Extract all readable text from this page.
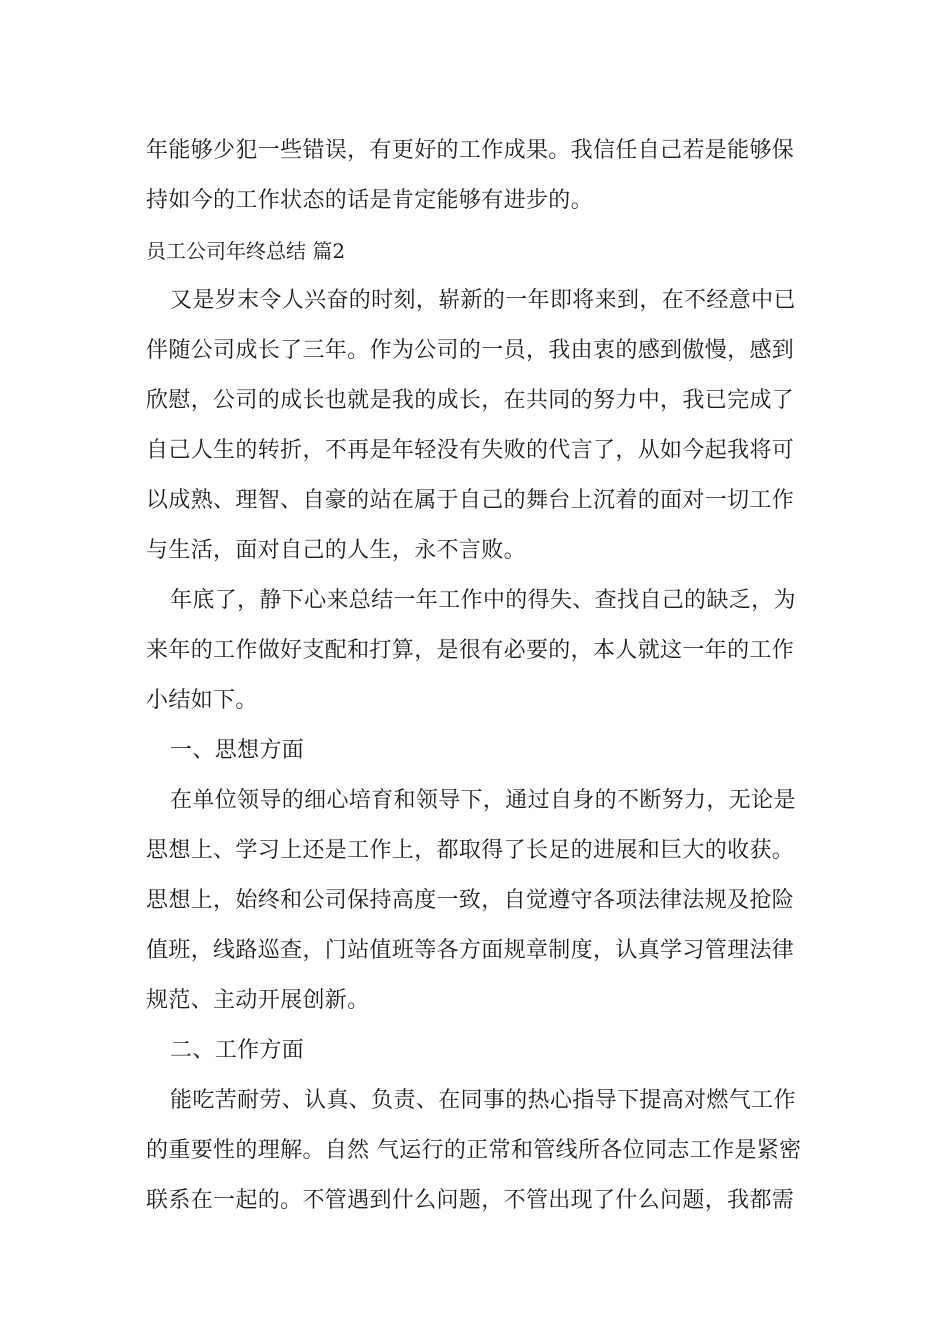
年能够少犯一些错误，有更好的工作成果。我信任自己若是能够保
持如今的工作状态的话是肯定能够有进步的。
员工公司年终总结 篇2
又是岁末令人兴奋的时刻，崭新的一年即将来到，在不经意中已
伴随公司成长了三年。作为公司的一员，我由衷的感到傲慢，感到
欣慰，公司的成长也就是我的成长，在共同的努力中，我已完成了
自己人生的转折，不再是年轻没有失败的代言了，从如今起我将可
以成熟、理智、自豪的站在属于自己的舞台上沉着的面对一切工作
与生活，面对自己的人生，永不言败。
年底了，静下心来总结一年工作中的得失、查找自己的缺乏，为
来年的工作做好支配和打算，是很有必要的，本人就这一年的工作
小结如下。
一、思想方面
在单位领导的细心培育和领导下，通过自身的不断努力，无论是
思想上、学习上还是工作上，都取得了长足的进展和巨大的收获。
思想上，始终和公司保持高度一致，自觉遵守各项法律法规及抢险
值班，线路巡查，门站值班等各方面规章制度，认真学习管理法律
规范、主动开展创新。
二、工作方面
能吃苦耐劳、认真、负责、在同事的热心指导下提高对燃气工作
的重要性的理解。自然 气运行的正常和管线所各位同志工作是紧密
联系在一起的。不管遇到什么问题，不管出现了什么问题，我都需
